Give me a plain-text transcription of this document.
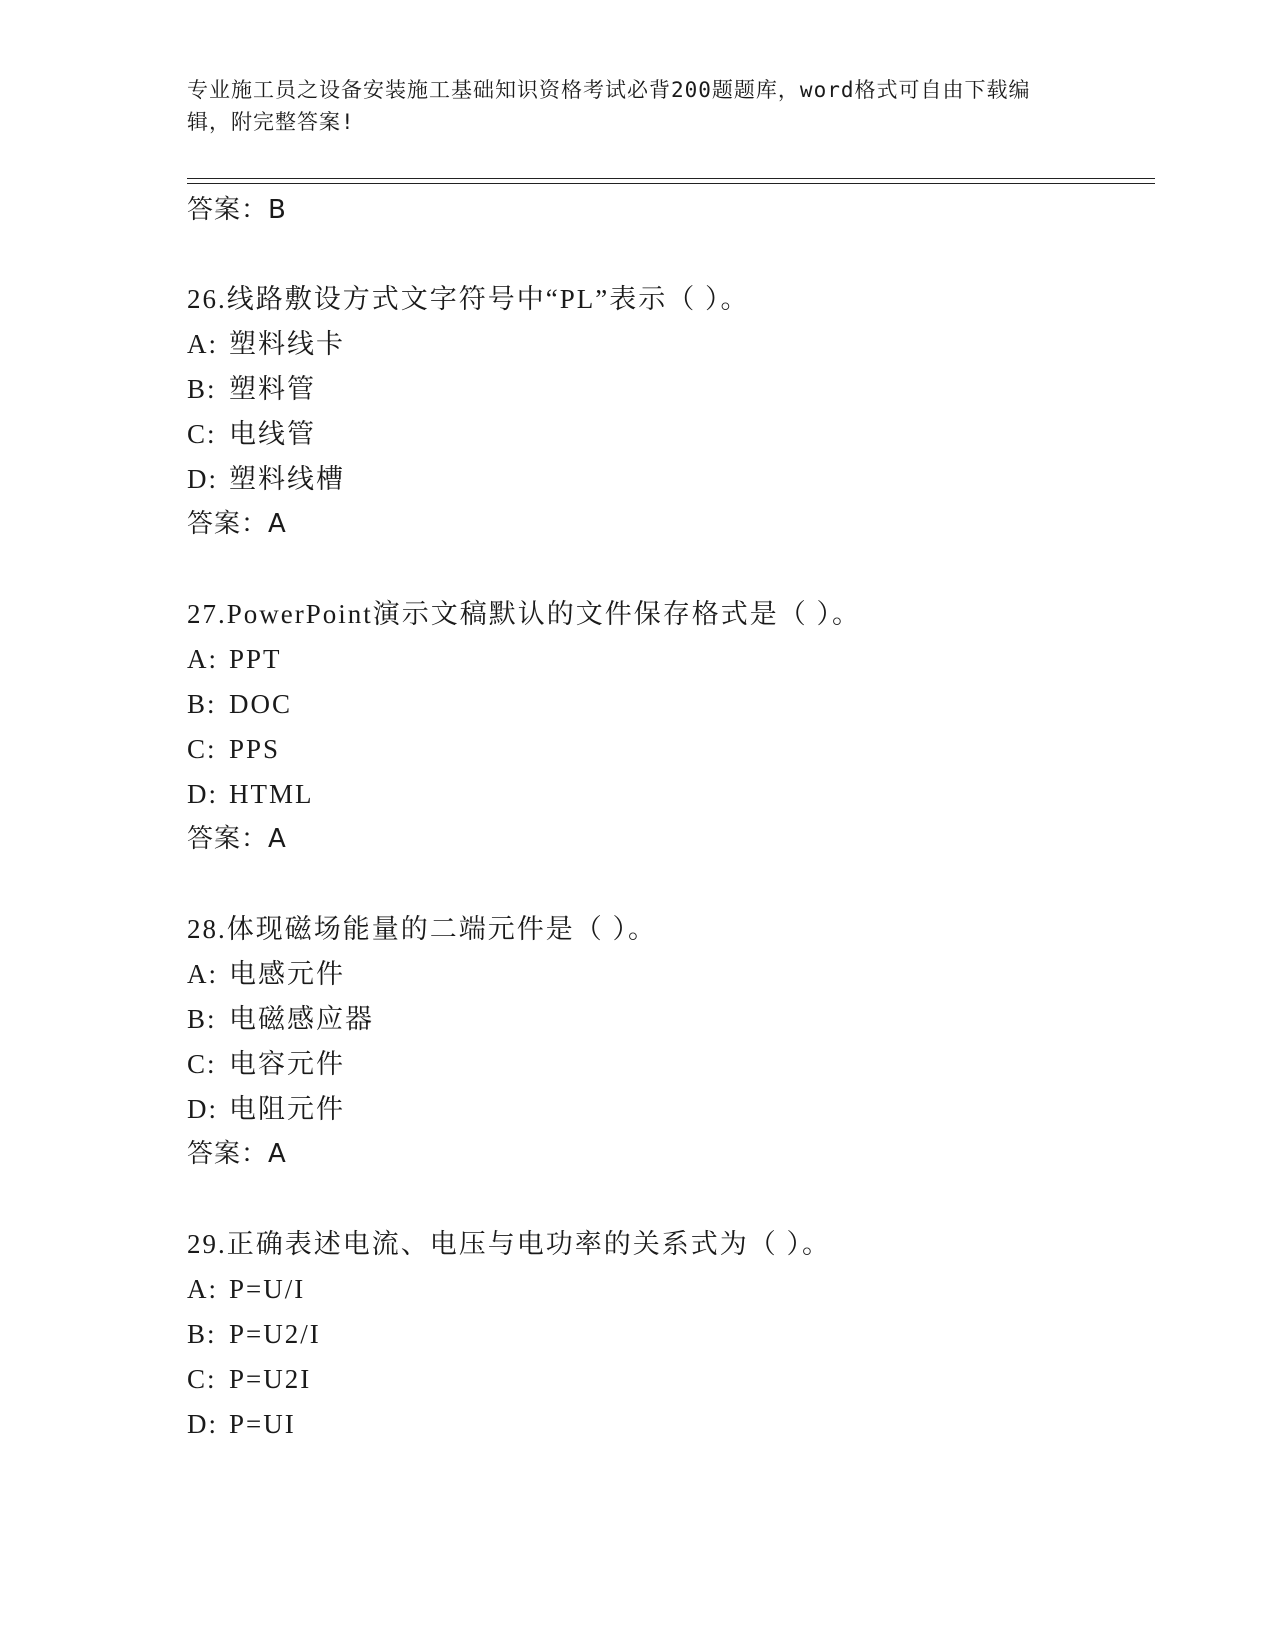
专业施工员之设备安装施工基础知识资格考试必背200题题库，word格式可自由下载编辑，附完整答案!
答案：B
26.线路敷设方式文字符号中“PL”表示（ ）。
A: 塑料线卡
B: 塑料管
C: 电线管
D: 塑料线槽
答案：A
27.PowerPoint演示文稿默认的文件保存格式是（ ）。
A: PPT
B: DOC
C: PPS
D: HTML
答案：A
28.体现磁场能量的二端元件是（ ）。
A: 电感元件
B: 电磁感应器
C: 电容元件
D: 电阻元件
答案：A
29.正确表述电流、电压与电功率的关系式为（ ）。
A: P=U/I
B: P=U2/I
C: P=U2I
D: P=UI
